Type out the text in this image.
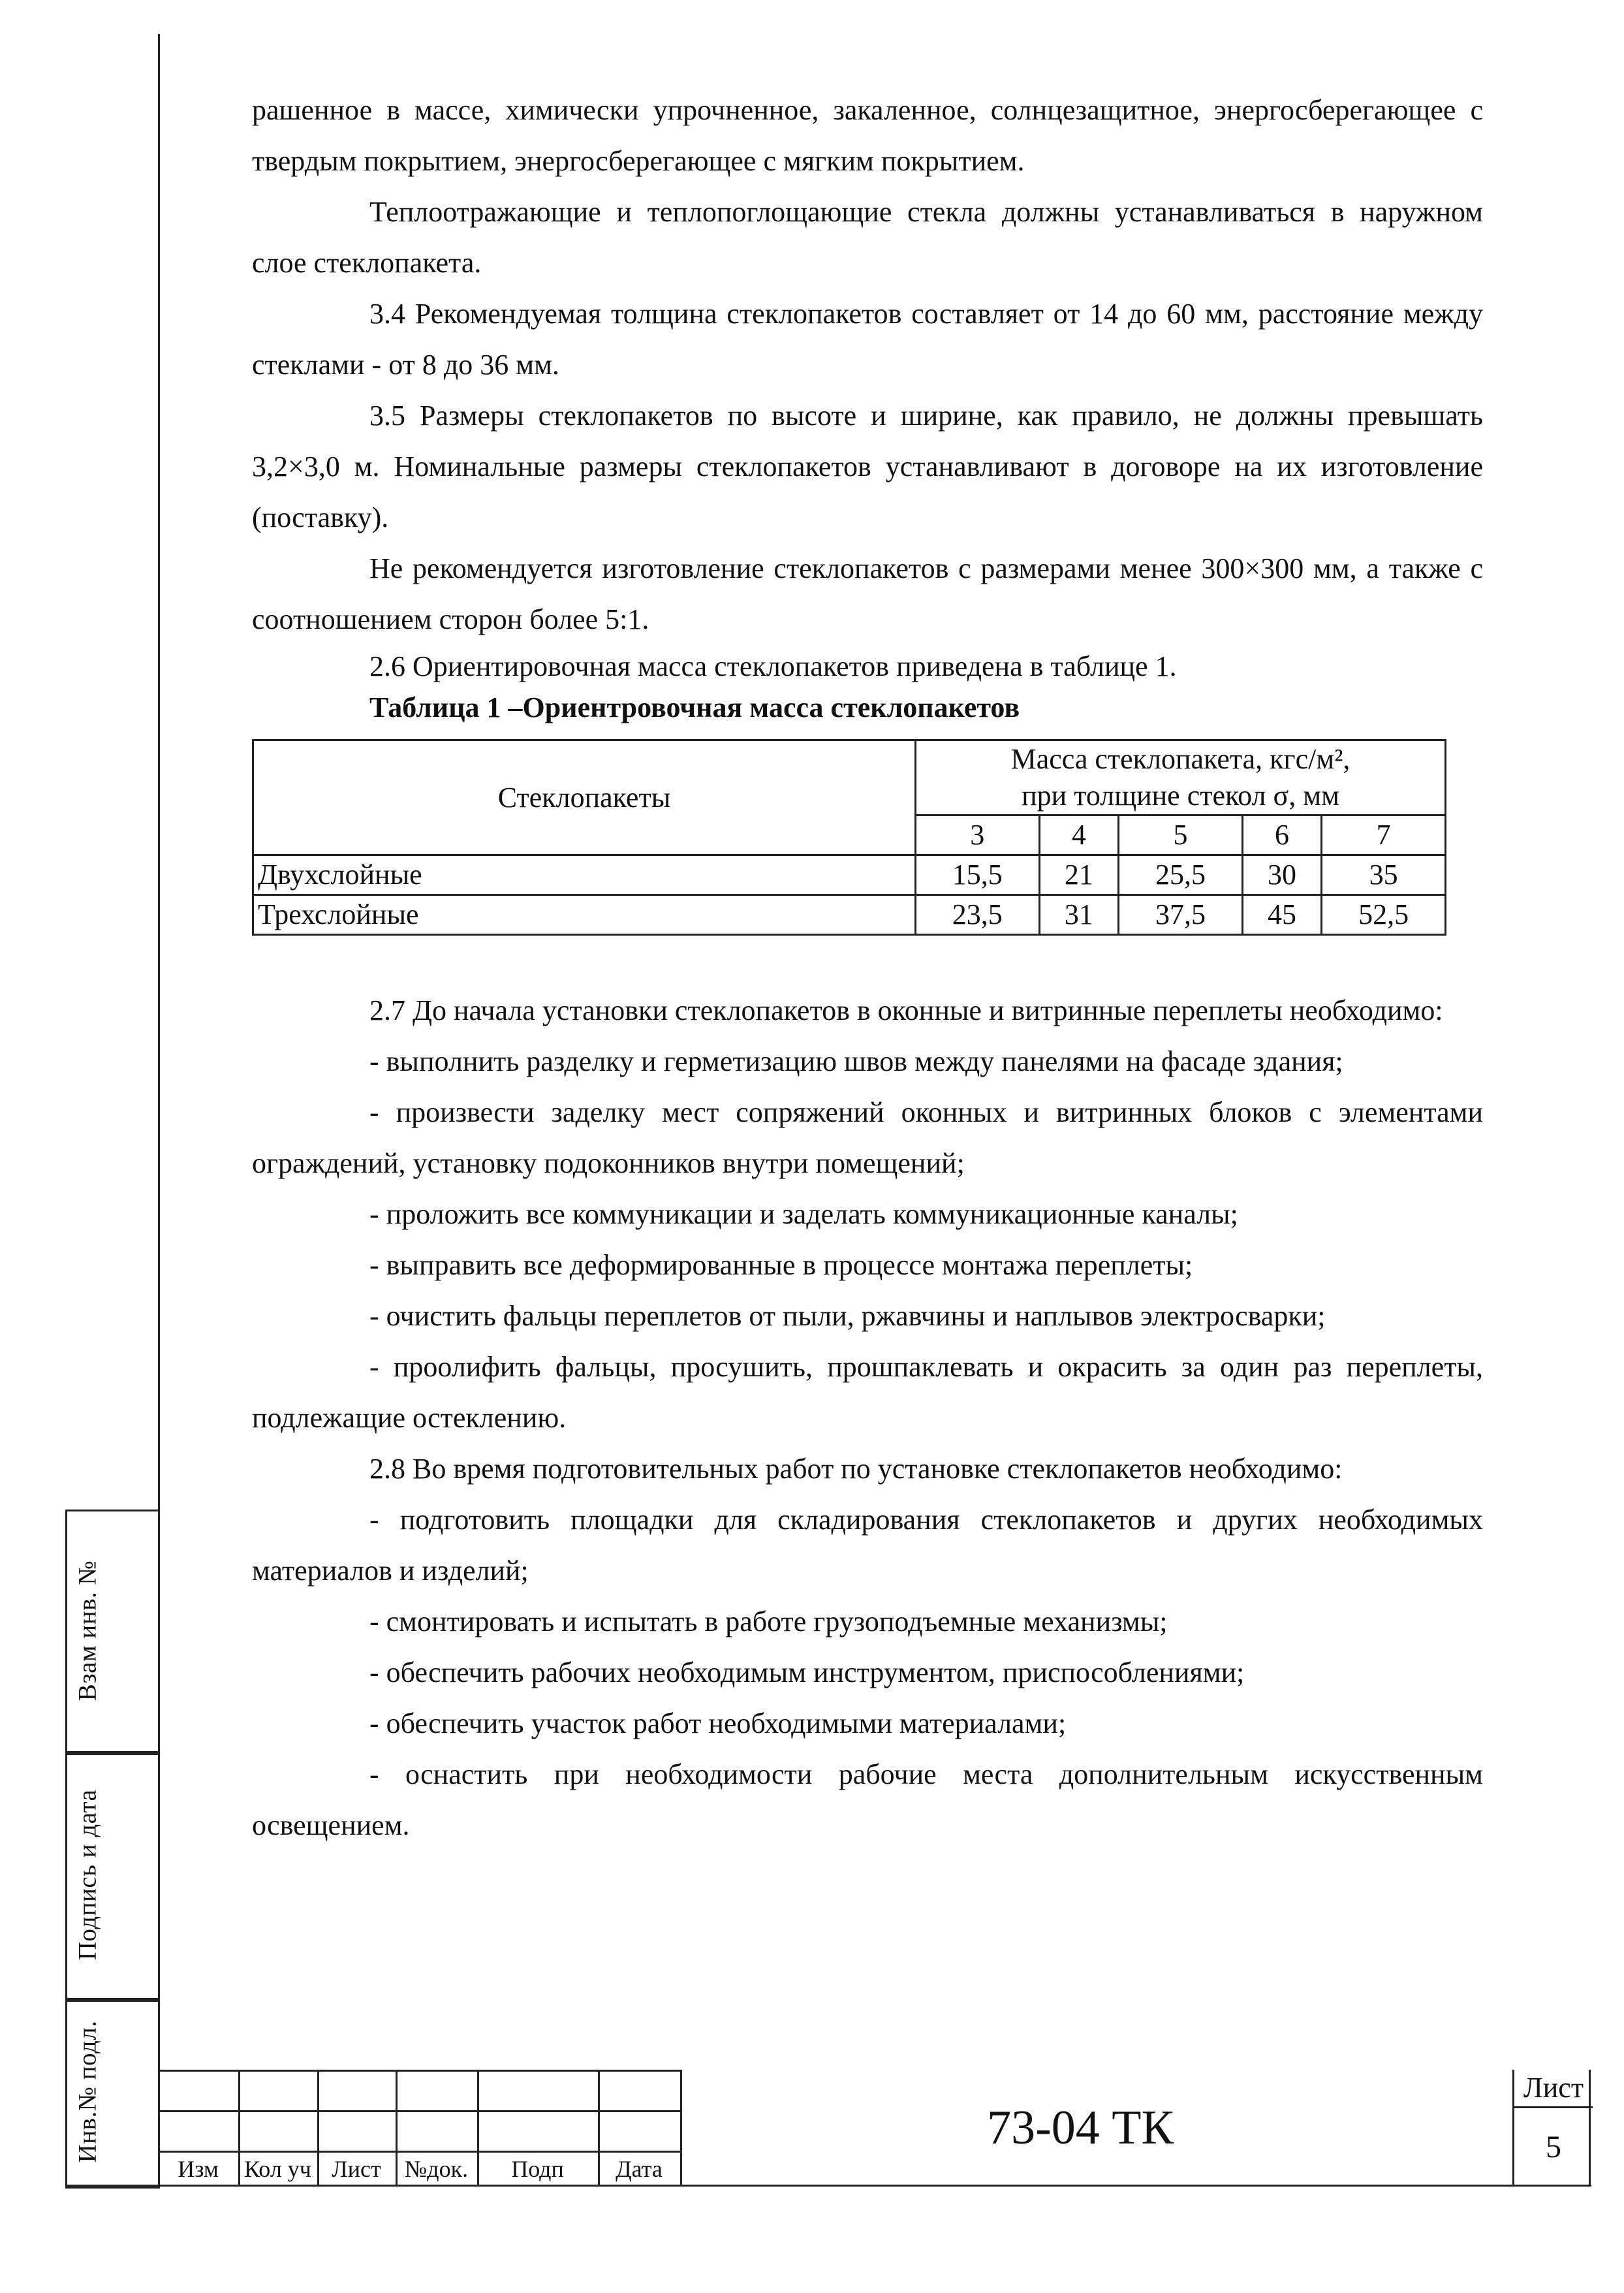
Взам инв. №
Подпись и дата
Инв.№ подл.

рашенное в массе, химически упрочненное, закаленное, солнцезащитное, энергосберегающее с твердым покрытием, энергосберегающее с мягким покрытием.

Теплоотражающие и теплопоглощающие стекла должны устанавливаться в наружном слое стеклопакета.

3.4 Рекомендуемая толщина стеклопакетов составляет от 14 до 60 мм, расстояние между стеклами - от 8 до 36 мм.

3.5 Размеры стеклопакетов по высоте и ширине, как правило, не должны превышать 3,2×3,0 м. Номинальные размеры стеклопакетов устанавливают в договоре на их изготовление (поставку).

Не рекомендуется изготовление стеклопакетов с размерами менее 300×300 мм, а также с соотношением сторон более 5:1.

2.6 Ориентировочная масса стеклопакетов приведена в таблице 1.

Таблица 1 –Ориентровочная масса стеклопакетов

Стеклопакеты	Масса стеклопакета, кгс/м²,
при толщине стекол σ, мм				

	3	4	5	6	7
Двухслойные	15,5	21	25,5	30	35
Трехслойные	23,5	31	37,5	45	52,5

2.7 До начала установки стеклопакетов в оконные и витринные переплеты необходимо:

- выполнить разделку и герметизацию швов между панелями на фасаде здания;

- произвести заделку мест сопряжений оконных и витринных блоков с элементами ограждений, установку подоконников внутри помещений;

- проложить все коммуникации и заделать коммуникационные каналы;

- выправить все деформированные в процессе монтажа переплеты;

- очистить фальцы переплетов от пыли, ржавчины и наплывов электросварки;

- проолифить фальцы, просушить, прошпаклевать и окрасить за один раз переплеты, подлежащие остеклению.

2.8 Во время подготовительных работ по установке стеклопакетов необходимо:

- подготовить площадки для складирования стеклопакетов и других необходимых материалов и изделий;

- смонтировать и испытать в работе грузоподъемные механизмы;

- обеспечить рабочих необходимым инструментом, приспособлениями;

- обеспечить участок работ необходимыми материалами;

- оснастить при необходимости рабочие места дополнительным искусственным освещением.

Изм	Кол уч Лист	№док.	Подп	Дата
73-04 ТК
Лист
5
